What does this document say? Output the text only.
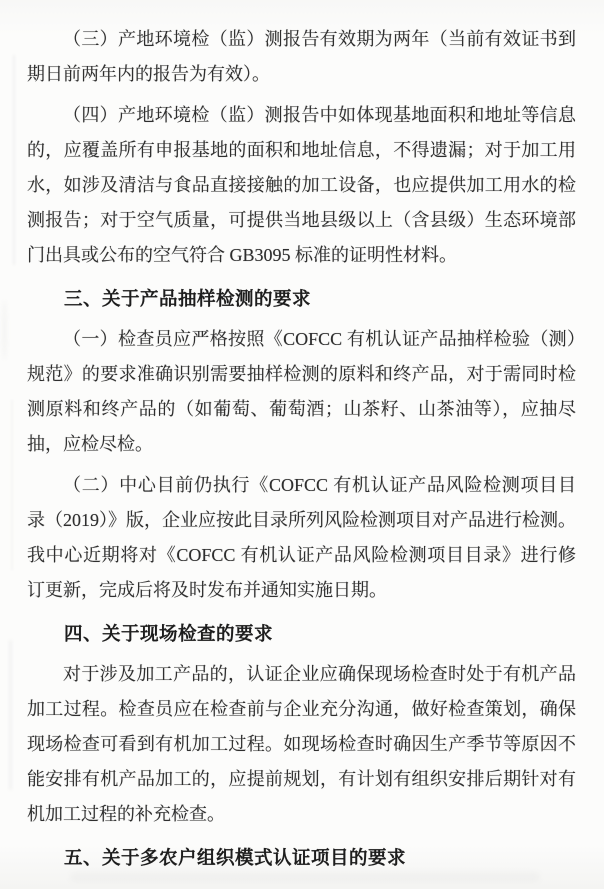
（三）产地环境检（监）测报告有效期为两年（当前有效证书到期日前两年内的报告为有效）。

（四）产地环境检（监）测报告中如体现基地面积和地址等信息的，应覆盖所有申报基地的面积和地址信息，不得遗漏；对于加工用水，如涉及清洁与食品直接接触的加工设备，也应提供加工用水的检测报告；对于空气质量，可提供当地县级以上（含县级）生态环境部门出具或公布的空气符合 GB3095 标准的证明性材料。

三、关于产品抽样检测的要求

（一）检查员应严格按照《COFCC 有机认证产品抽样检验（测）规范》的要求准确识别需要抽样检测的原料和终产品，对于需同时检测原料和终产品的（如葡萄、葡萄酒；山茶籽、山茶油等），应抽尽抽，应检尽检。

（二）中心目前仍执行《COFCC 有机认证产品风险检测项目目录（2019）》版，企业应按此目录所列风险检测项目对产品进行检测。我中心近期将对《COFCC 有机认证产品风险检测项目目录》进行修订更新，完成后将及时发布并通知实施日期。

四、关于现场检查的要求

对于涉及加工产品的，认证企业应确保现场检查时处于有机产品加工过程。检查员应在检查前与企业充分沟通，做好检查策划，确保现场检查可看到有机加工过程。如现场检查时确因生产季节等原因不能安排有机产品加工的，应提前规划，有计划有组织安排后期针对有机加工过程的补充检查。

五、关于多农户组织模式认证项目的要求
